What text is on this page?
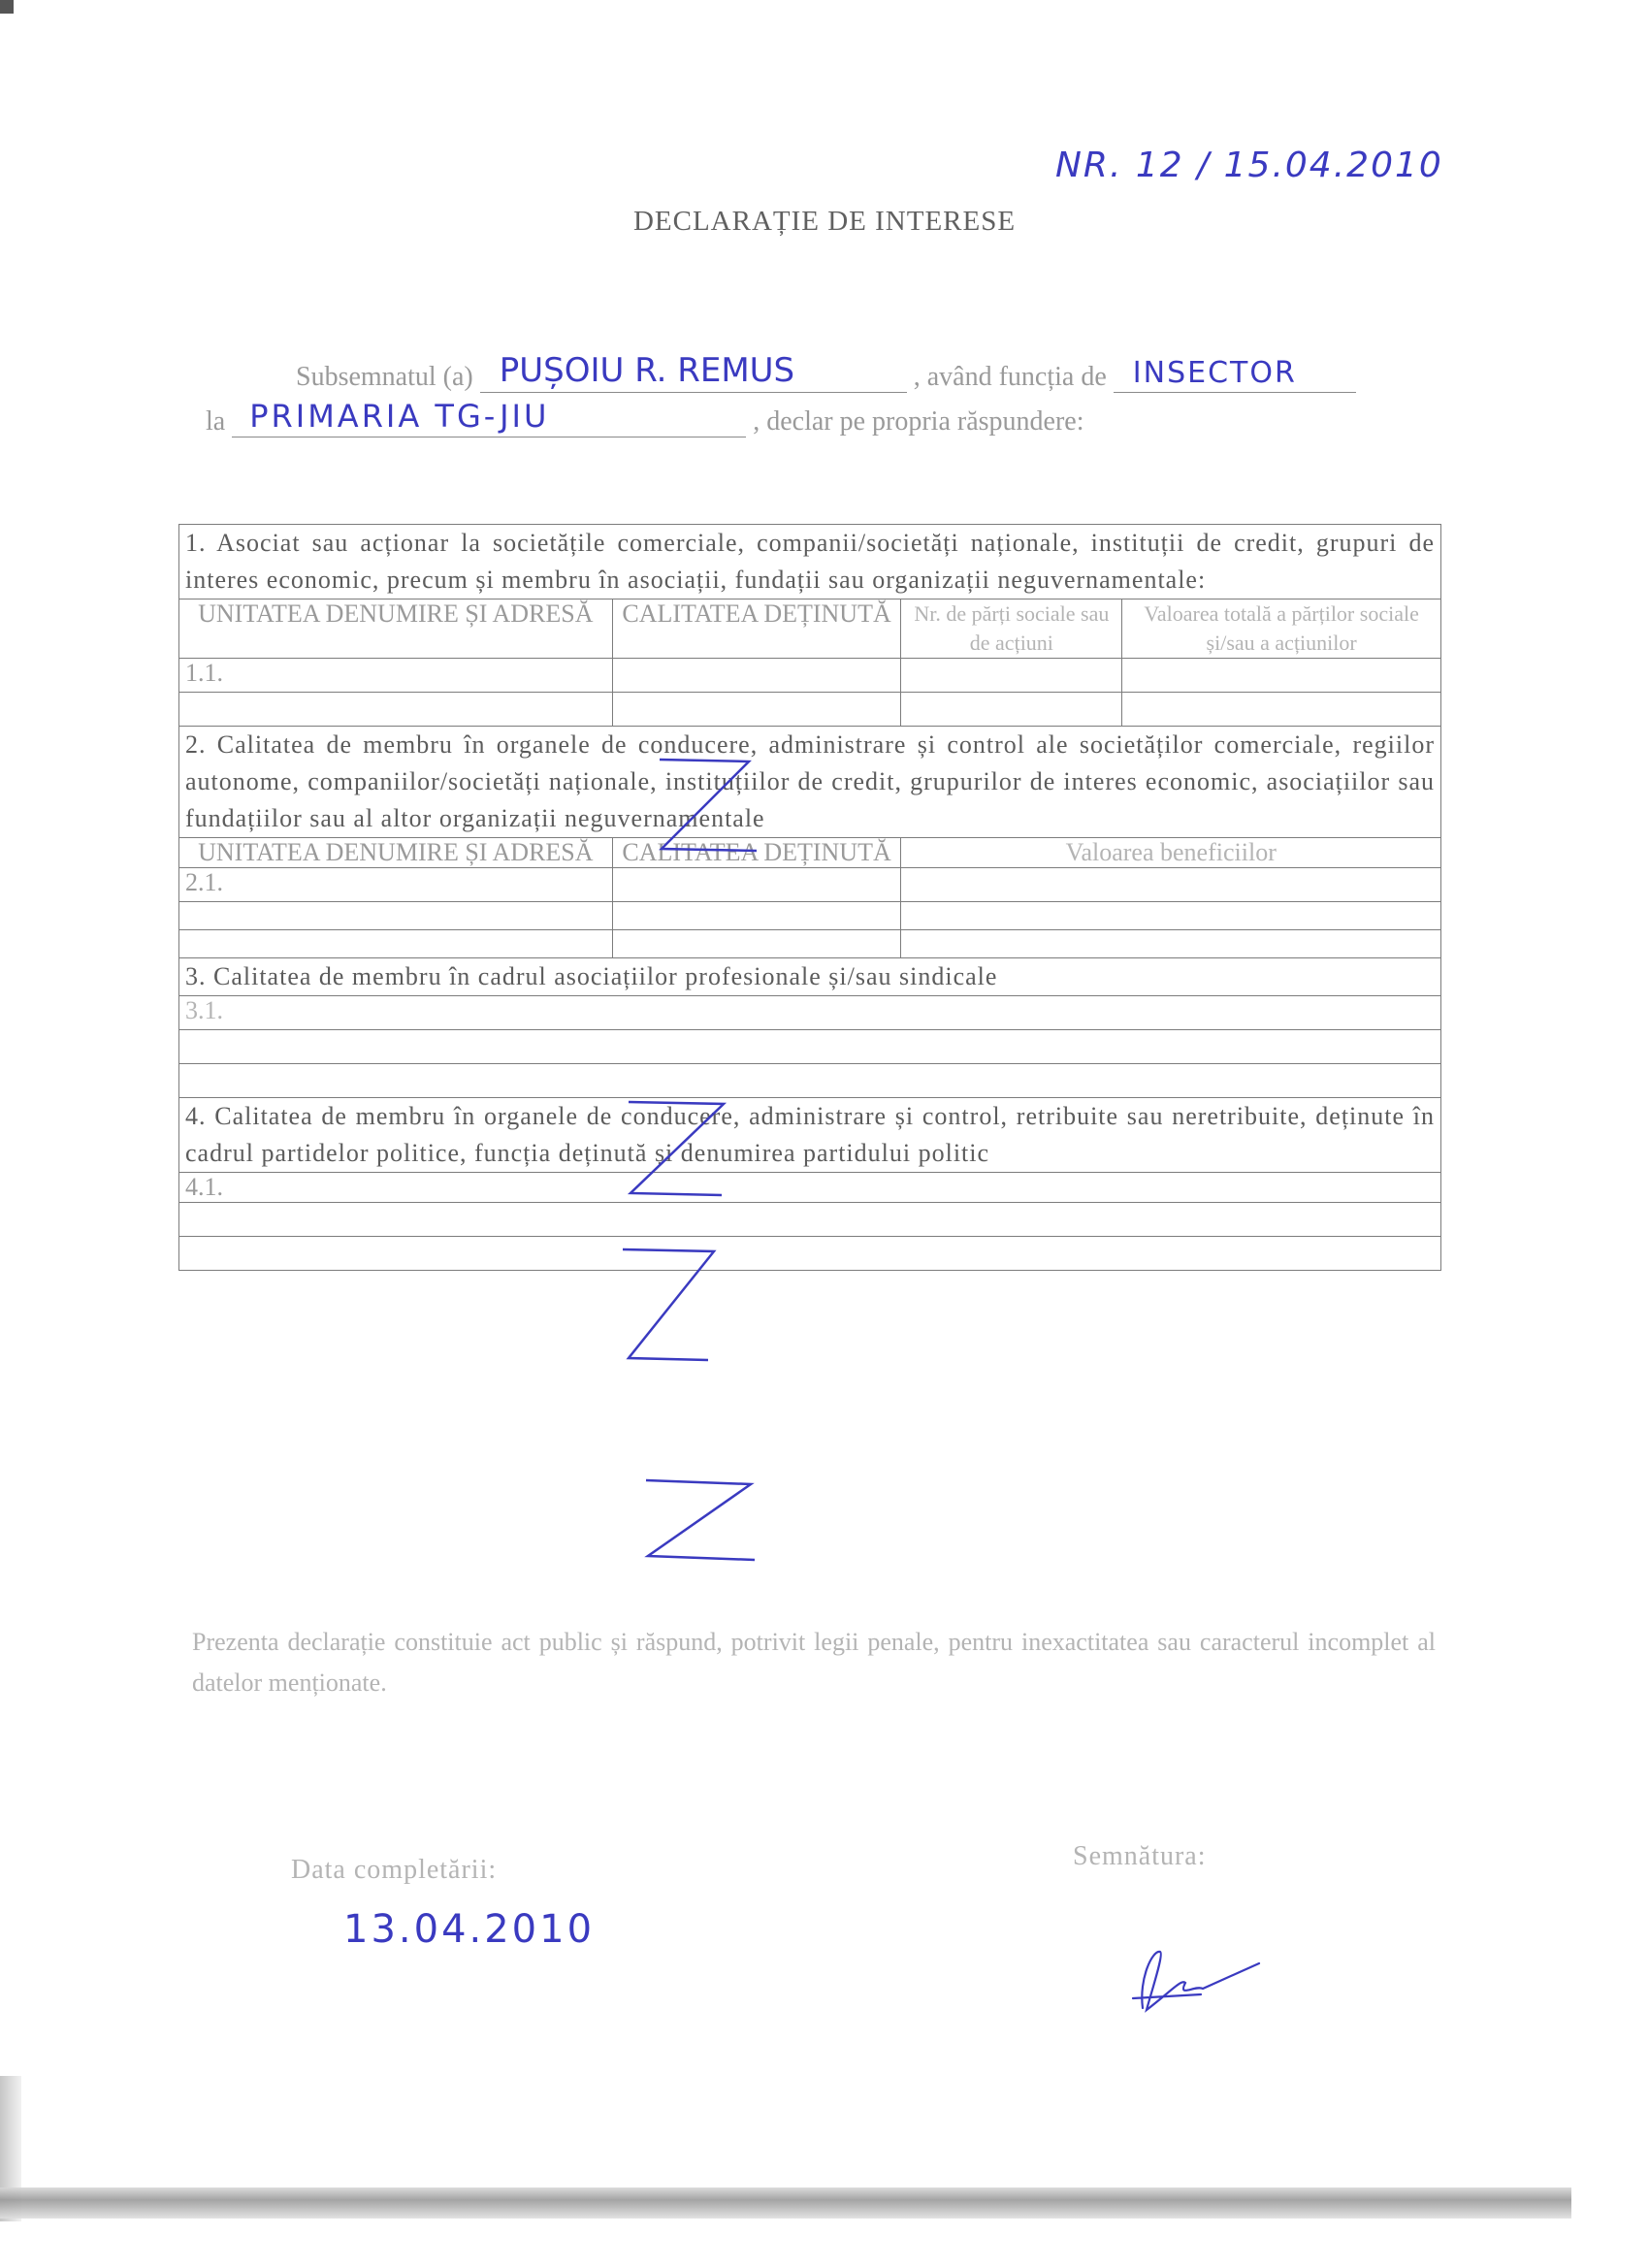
NR. 12 / 15.04.2010
DECLARAȚIE DE INTERESE
Subsemnatul (a) PUȘOIU R. REMUS	, având funcția de INSECTOR
la PRIMARIA TG-JIU	, declar pe propria răspundere:
1. Asociat sau acționar la societățile comerciale, companii/societăți naționale, instituții de credit, grupuri de interes economic, precum și membru în asociații, fundații sau organizații neguvernamentale:			
UNITATEA DENUMIRE ȘI ADRESĂ	CALITATEA DEȚINUTĂ	Nr. de părți sociale sau de acțiuni	Valoarea totală a părților sociale și/sau a acțiunilor
1.1.			

2. Calitatea de membru în organele de conducere, administrare și control ale societăților comerciale, regiilor autonome, companiilor/societăți naționale, instituțiilor de credit, grupurilor de interes economic, asociațiilor sau fundațiilor sau al altor organizații neguvernamentale			
UNITATEA DENUMIRE ȘI ADRESĂ	CALITATEA DEȚINUTĂ	Valoarea beneficiilor	
2.1.			

3. Calitatea de membru în cadrul asociațiilor profesionale și/sau sindicale			
3.1.			

4. Calitatea de membru în organele de conducere, administrare și control, retribuite sau neretribuite, deținute în cadrul partidelor politice, funcția deținută și denumirea partidului politic			
4.1.			

Prezenta declarație constituie act public și răspund, potrivit legii penale, pentru inexactitatea sau caracterul incomplet al datelor menționate.
Data completării:
13.04.2010
Semnătura:
